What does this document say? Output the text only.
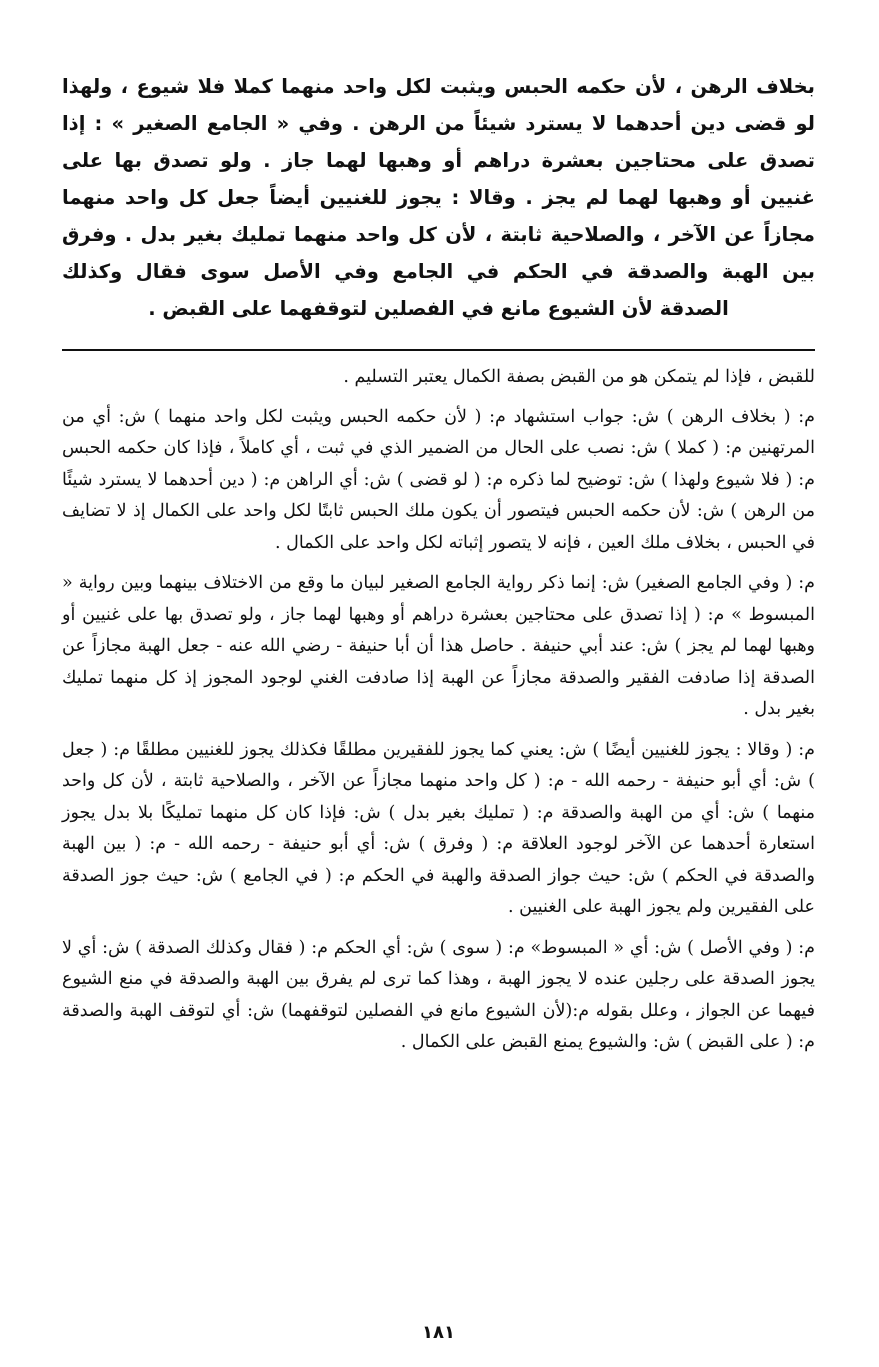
بخلاف الرهن ، لأن حكمه الحبس ويثبت لكل واحد منهما كملا فلا شيوع ، ولهذا لو قضى دين أحدهما لا يسترد شيئاً من الرهن . وفي « الجامع الصغير » : إذا تصدق على محتاجين بعشرة دراهم أو وهبها لهما جاز . ولو تصدق بها على غنيين أو وهبها لهما لم يجز . وقالا : يجوز للغنيين أيضاً جعل كل واحد منهما مجازاً عن الآخر ، والصلاحية ثابتة ، لأن كل واحد منهما تمليك بغير بدل . وفرق بين الهبة والصدقة في الحكم في الجامع وفي الأصل سوى فقال وكذلك الصدقة لأن الشيوع مانع في الفصلين لتوقفهما على القبض .

للقبض ، فإذا لم يتمكن هو من القبض بصفة الكمال يعتبر التسليم .

م: ( بخلاف الرهن ) ش: جواب استشهاد م: ( لأن حكمه الحبس ويثبت لكل واحد منهما ) ش: أي من المرتهنين م: ( كملا ) ش: نصب على الحال من الضمير الذي في ثبت ، أي كاملاً ، فإذا كان حكمه الحبس م: ( فلا شيوع ولهذا ) ش: توضيح لما ذكره م: ( لو قضى ) ش: أي الراهن م: ( دين أحدهما لا يسترد شيئًا من الرهن ) ش: لأن حكمه الحبس فيتصور أن يكون ملك الحبس ثابتًا لكل واحد على الكمال إذ لا تضايف في الحبس ، بخلاف ملك العين ، فإنه لا يتصور إثباته لكل واحد على الكمال .

م: ( وفي الجامع الصغير) ش: إنما ذكر رواية الجامع الصغير لبيان ما وقع من الاختلاف بينهما وبين رواية « المبسوط » م: ( إذا تصدق على محتاجين بعشرة دراهم أو وهبها لهما جاز ، ولو تصدق بها على غنيين أو وهبها لهما لم يجز ) ش: عند أبي حنيفة . حاصل هذا أن أبا حنيفة - رضي الله عنه - جعل الهبة مجازاً عن الصدقة إذا صادفت الفقير والصدقة مجازاً عن الهبة إذا صادفت الغني لوجود المجوز إذ كل منهما تمليك بغير بدل .

م: ( وقالا : يجوز للغنيين أيضًا ) ش: يعني كما يجوز للفقيرين مطلقًا فكذلك يجوز للغنيين مطلقًا م: ( جعل ) ش: أي أبو حنيفة - رحمه الله - م: ( كل واحد منهما مجازاً عن الآخر ، والصلاحية ثابتة ، لأن كل واحد منهما ) ش: أي من الهبة والصدقة م: ( تمليك بغير بدل ) ش: فإذا كان كل منهما تمليكًا بلا بدل يجوز استعارة أحدهما عن الآخر لوجود العلاقة م: ( وفرق ) ش: أي أبو حنيفة - رحمه الله - م: ( بين الهبة والصدقة في الحكم ) ش: حيث جواز الصدقة والهبة في الحكم م: ( في الجامع ) ش: حيث جوز الصدقة على الفقيرين ولم يجوز الهبة على الغنيين .

م: ( وفي الأصل ) ش: أي « المبسوط» م: ( سوى ) ش: أي الحكم م: ( فقال وكذلك الصدقة ) ش: أي لا يجوز الصدقة على رجلين عنده لا يجوز الهبة ، وهذا كما ترى لم يفرق بين الهبة والصدقة في منع الشيوع فيهما عن الجواز ، وعلل بقوله م:(لأن الشيوع مانع في الفصلين لتوقفهما) ش: أي لتوقف الهبة والصدقة م: ( على القبض ) ش: والشيوع يمنع القبض على الكمال .

١٨١
